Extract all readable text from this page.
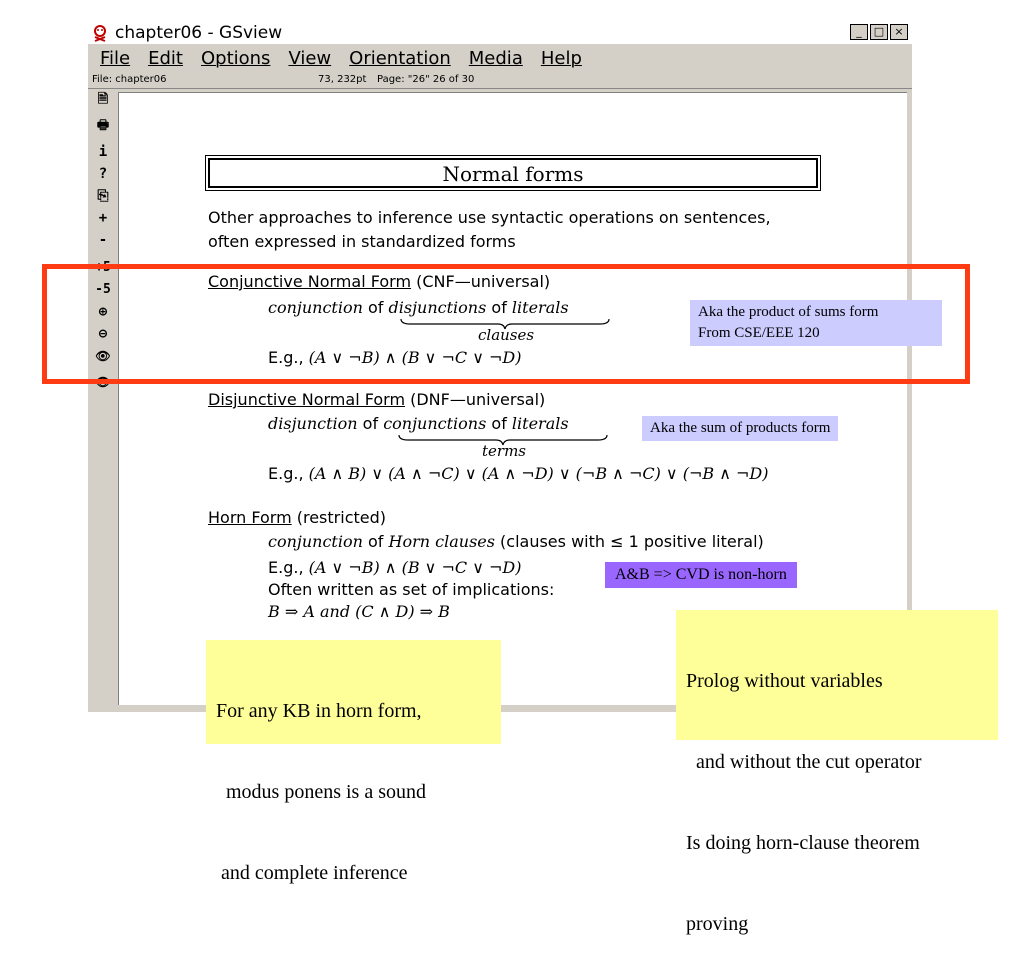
chapter06 - GSview	_	□ ×
File Edit Options View Orientation Media Help
File: chapter06	73, 232pt Page: "26" 26 of 30
🗎
🖶
i
?
⎘
+
-
+5
-5
⊕
⊖
👁
👁
Normal forms
Other approaches to inference use syntactic operations on sentences,
often expressed in standardized forms
Conjunctive Normal Form (CNF—universal)
conjunction of disjunctions of literals
clauses
E.g., (A ∨ ¬B) ∧ (B ∨ ¬C ∨ ¬D)
Disjunctive Normal Form (DNF—universal)
disjunction of conjunctions of literals
terms
E.g., (A ∧ B) ∨ (A ∧ ¬C) ∨ (A ∧ ¬D) ∨ (¬B ∧ ¬C) ∨ (¬B ∧ ¬D)
Horn Form (restricted)
conjunction of Horn clauses (clauses with ≤ 1 positive literal)
E.g., (A ∨ ¬B) ∧ (B ∨ ¬C ∨ ¬D)
Often written as set of implications:
B ⇒ A and (C ∧ D) ⇒ B
Aka the product of sums form
From CSE/EEE 120
Aka the sum of products form
A&B => CVD is non-horn

For any KB in horn form,

modus ponens is a sound

and complete inference

Prolog without variables

and without the cut operator

Is doing horn-clause theorem

proving
